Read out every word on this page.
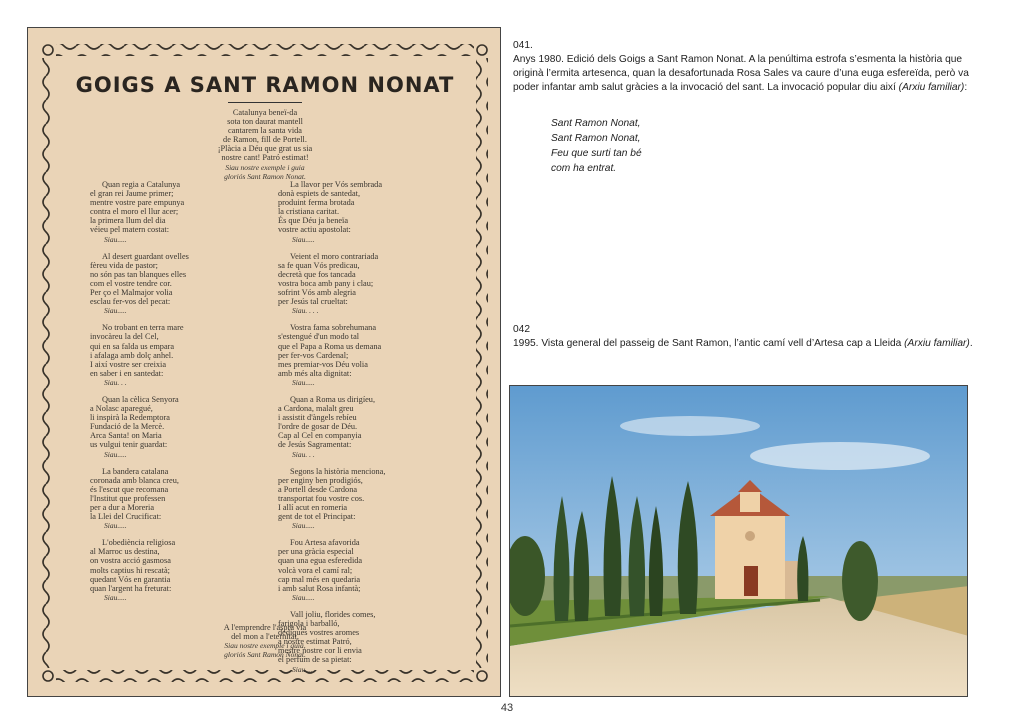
GOIGS A SANT RAMON NONAT
Catalunya beneï-da
sota ton daurat mantell
cantarem la santa vida
de Ramon, fill de Portell.
¡Plàcia a Déu que grat us sia
nostre cant! Patró estimat!
Siau nostre exemple i guia
gloriós Sant Ramon Nonat.
Quan regia a Catalunya
el gran rei Jaume primer;
mentre vostre pare empunya
contra el moro el llur acer;
la primera llum del dia
véieu pel matern costat:
Siau.....
Al desert guardant ovelles
fèreu vida de pastor;
no són pas tan blanques elles
com el vostre tendre cor.
Per ço el Malmajor volia
esclau fer-vos del pecat:
Siau.....
No trobant en terra mare
invocàreu la del Cel,
qui en sa falda us empara
i afalaga amb dolç anhel.
I així vostre ser creixia
en saber i en santedat:
Siau. . .
Quan la cèlica Senyora
a Nolasc aparegué,
li inspirà la Redemptora
Fundació de la Mercè.
Arca Santa! on Maria
us vulgui tenir guardat:
Siau.....
La bandera catalana
coronada amb blanca creu,
és l'escut que recomana
l'Institut que professen
per a dur a Moreria
la Llei del Crucificat:
Siau.....
L'obediència religiosa
al Marroc us destina,
on vostra acció gasmosa
molts captius hi rescatà;
quedant Vós en garantia
quan l'argent ha freturat:
Siau.....
La llavor per Vós sembrada
donà espiets de santedat,
produint ferma brotada
la cristiana caritat.
És que Déu ja beneïa
vostre actiu apostolat:
Siau.....
Veient el moro contrariada
sa fe quan Vós predicau,
decretà que fos tancada
vostra boca amb pany i clau;
sofrint Vós amb alegria
per Jesús tal crueltat:
Siau. . . .
Vostra fama sobrehumana
s'estengué d'un modo tal
que el Papa a Roma us demana
per fer-vos Cardenal;
mes premiar-vos Déu volia
amb més alta dignitat:
Siau.....
Quan a Roma us dirigíeu,
a Cardona, malalt greu
i assistit d'àngels rebíeu
l'ordre de gosar de Déu.
Cap al Cel en companyia
de Jesús Sagramentat:
Siau. . .
Segons la història menciona,
per enginy ben prodigiós,
a Portell desde Cardona
transportat fou vostre cos.
I allí acut en romeria
gent de tot el Principat:
Siau.....
Fou Artesa afavorida
per una gràcia especial
quan una egua esferedida
volcà vora el camí ral;
cap mal més en quedaria
i amb salut Rosa infantà;
Siau.....
Vall joliu, florides comes,
farigola i barballó,
dediques vostres aromes
a nostre estimat Patró,
mestre nostre cor li envia
el perfum de sa pietat:
Siau.....
A l'emprendre l'aspra via
del mon a l'eternitat,
Siau nostre exemple i guia,
gloriós Sant Ramon Nonat.
041.
Anys 1980. Edició dels Goigs a Sant Ramon Nonat. A la penúltima estrofa s’esmenta la història que originà l’ermita artesenca, quan la desafortunada Rosa Sales va caure d’una euga esfereïda, però va poder infantar amb salut gràcies a la invocació del sant. La invocació popular diu així (Arxiu familiar):
Sant Ramon Nonat,
Sant Ramon Nonat,
Feu que surti tan bé
com ha entrat.
042
1995. Vista general del passeig de Sant Ramon, l’antic camí vell d’Artesa cap a Lleida (Arxiu familiar).
43
